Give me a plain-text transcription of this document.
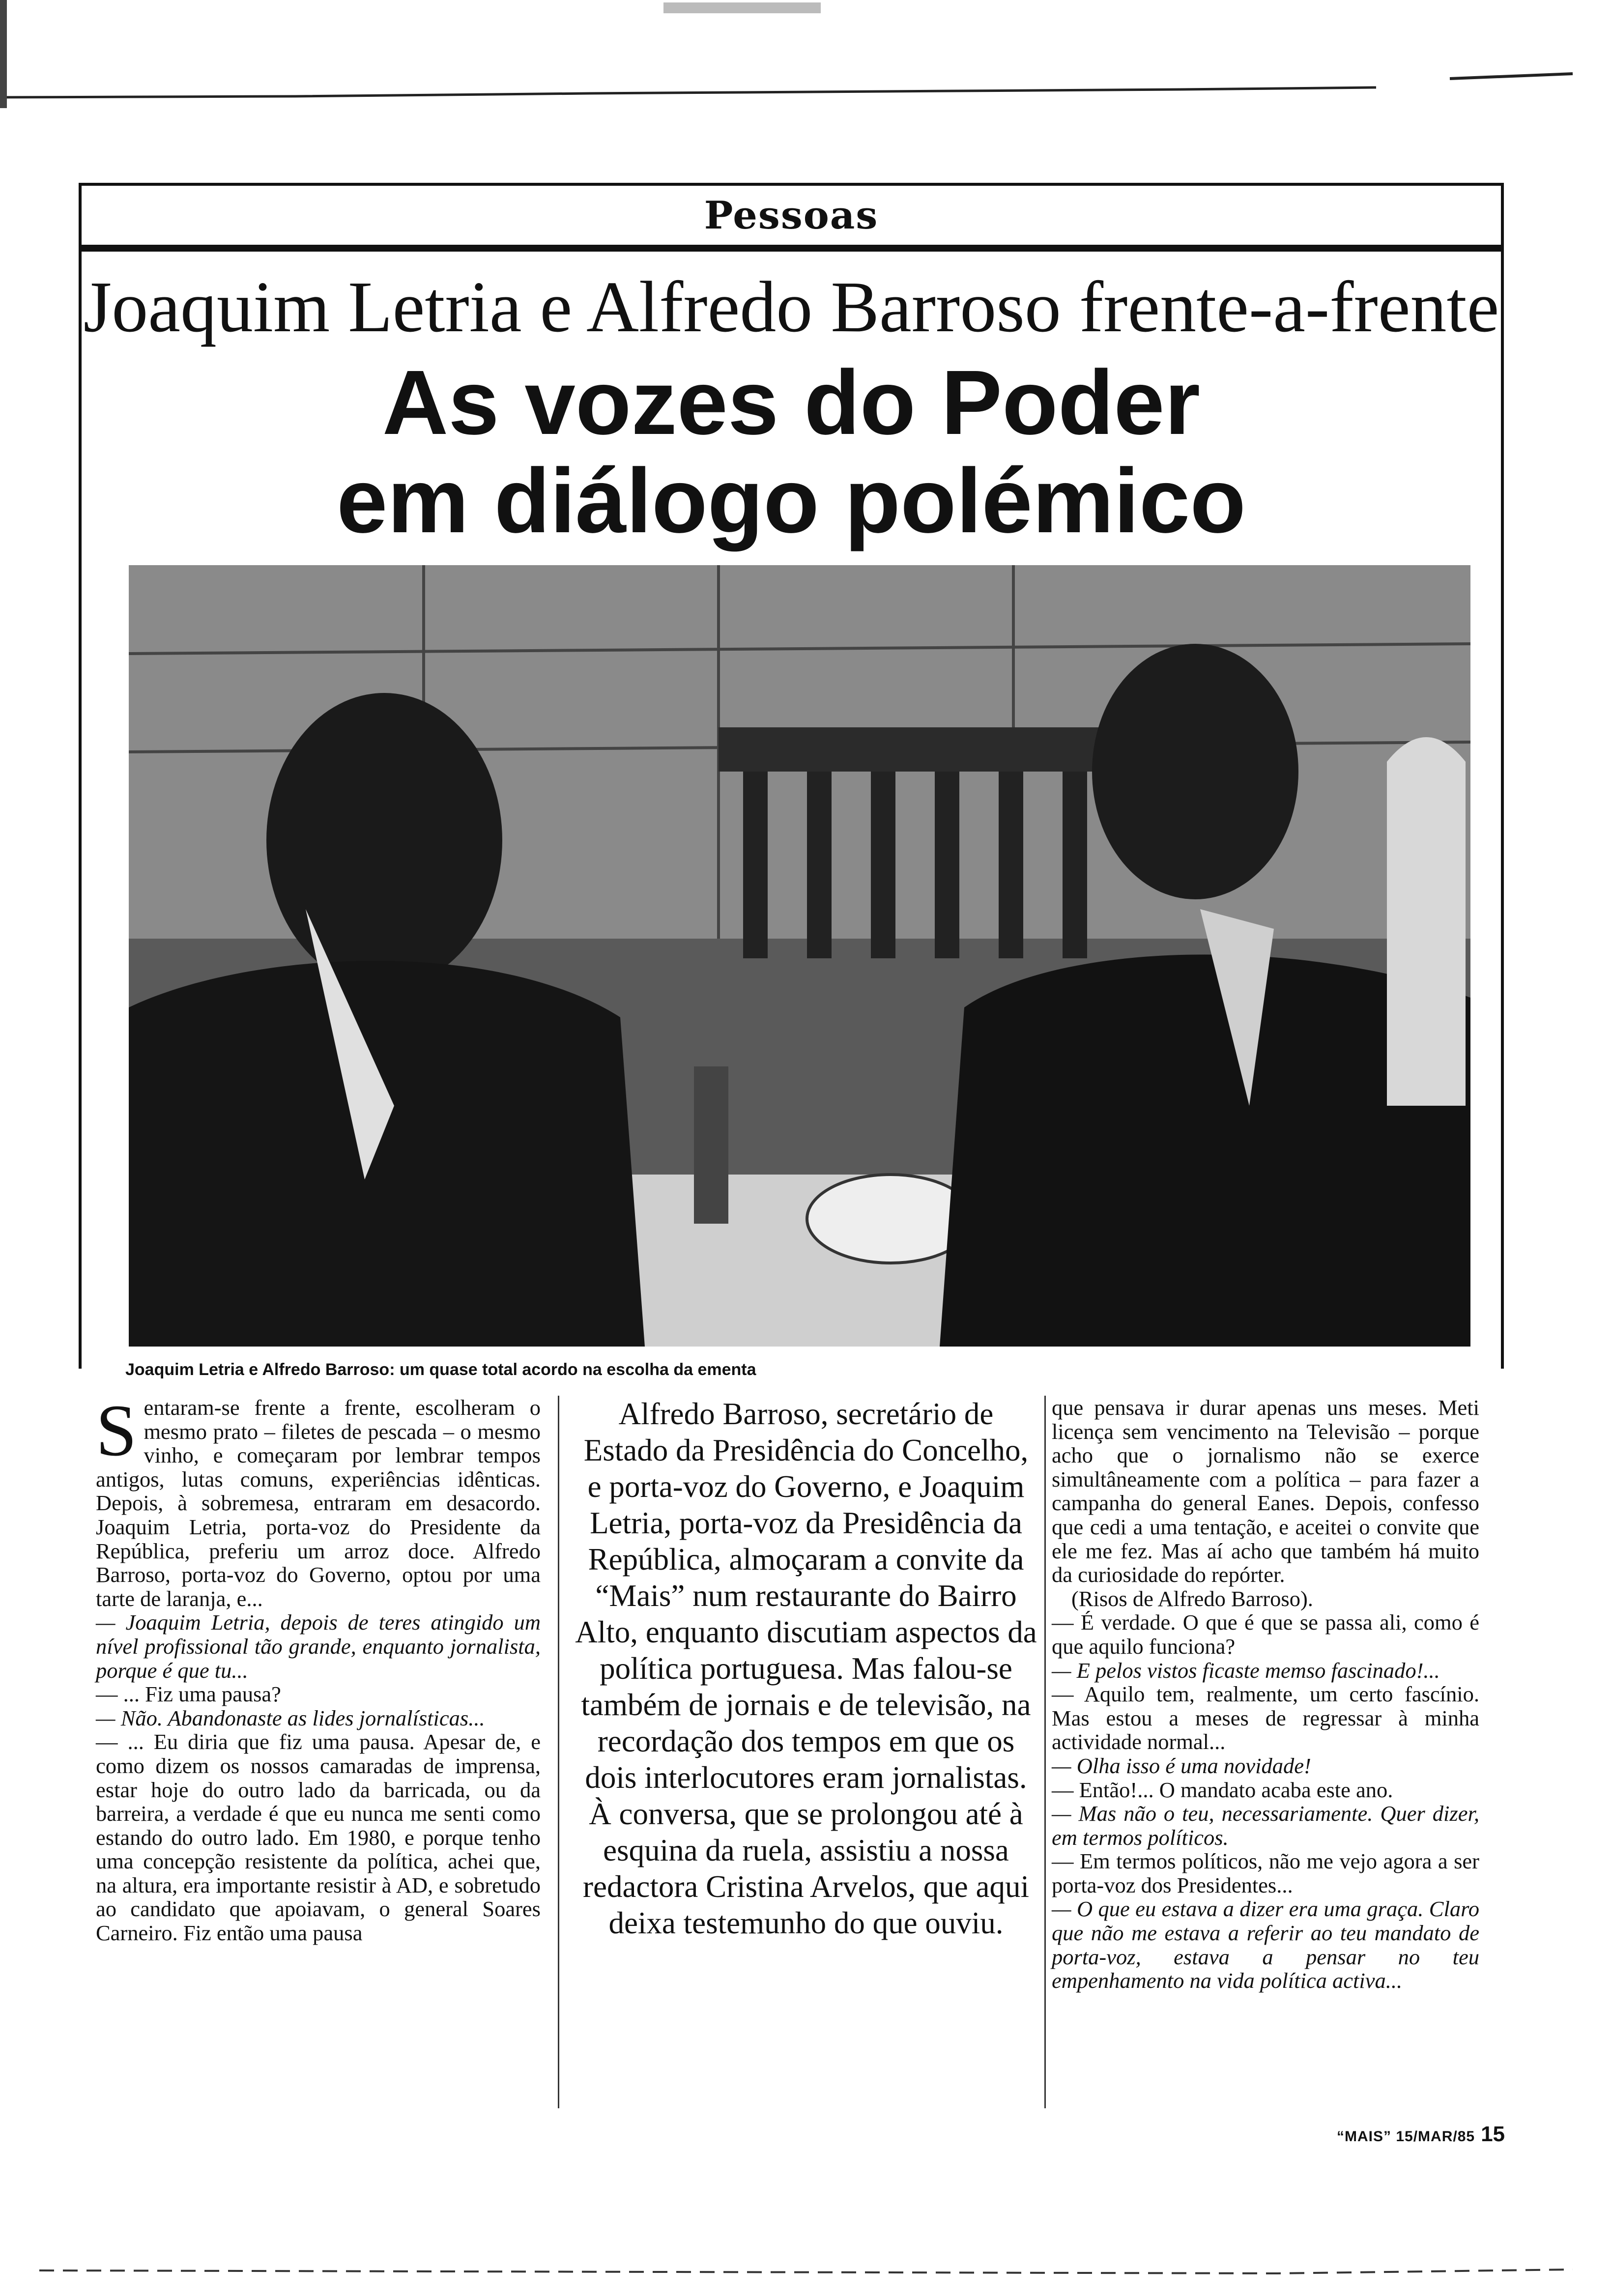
Pessoas
Joaquim Letria e Alfredo Barroso frente-a-frente
As vozes do Poder
em diálogo polémico
Joaquim Letria e Alfredo Barroso: um quase total acordo na escolha da ementa

Sentaram-se frente a frente, escolheram o mesmo prato – filetes de pescada – o mesmo vinho, e começaram por lembrar tempos antigos, lutas comuns, experiências idênticas. Depois, à sobremesa, entraram em desacordo. Joaquim Letria, porta-voz do Presidente da República, preferiu um arroz doce. Alfredo Barroso, porta-voz do Governo, optou por uma tarte de laranja, e...

— Joaquim Letria, depois de teres atingido um nível profissional tão grande, enquanto jornalista, porque é que tu...

— ... Fiz uma pausa?

— Não. Abandonaste as lides jornalísticas...

— ... Eu diria que fiz uma pausa. Apesar de, e como dizem os nossos camaradas de imprensa, estar hoje do outro lado da barricada, ou da barreira, a verdade é que eu nunca me senti como estando do outro lado. Em 1980, e porque tenho uma concepção resistente da política, achei que, na altura, era importante resistir à AD, e sobretudo ao candidato que apoiavam, o general Soares Carneiro. Fiz então uma pausa

Alfredo Barroso, secretário de Estado da Presidência do Concelho, e porta-voz do Governo, e Joaquim Letria, porta-voz da Presidência da República, almoçaram a convite da “Mais” num restaurante do Bairro Alto, enquanto discutiam aspectos da política portuguesa. Mas falou-se também de jornais e de televisão, na recordação dos tempos em que os dois interlocutores eram jornalistas. À conversa, que se prolongou até à esquina da ruela, assistiu a nossa redactora Cristina Arvelos, que aqui deixa testemunho do que ouviu.

que pensava ir durar apenas uns meses. Meti licença sem vencimento na Televisão – porque acho que o jornalismo não se exerce simultâneamente com a política – para fazer a campanha do general Eanes. Depois, confesso que cedi a uma tentação, e aceitei o convite que ele me fez. Mas aí acho que também há muito da curiosidade do repórter.

(Risos de Alfredo Barroso).

— É verdade. O que é que se passa ali, como é que aquilo funciona?

— E pelos vistos ficaste memso fascinado!...

— Aquilo tem, realmente, um certo fascínio. Mas estou a meses de regressar à minha actividade normal...

— Olha isso é uma novidade!

— Então!... O mandato acaba este ano.

— Mas não o teu, necessariamente. Quer dizer, em termos políticos.

— Em termos políticos, não me vejo agora a ser porta-voz dos Presidentes...

— O que eu estava a dizer era uma graça. Claro que não me estava a referir ao teu mandato de porta-voz, estava a pensar no teu empenhamento na vida política activa...

“MAIS” 15/MAR/85 15
